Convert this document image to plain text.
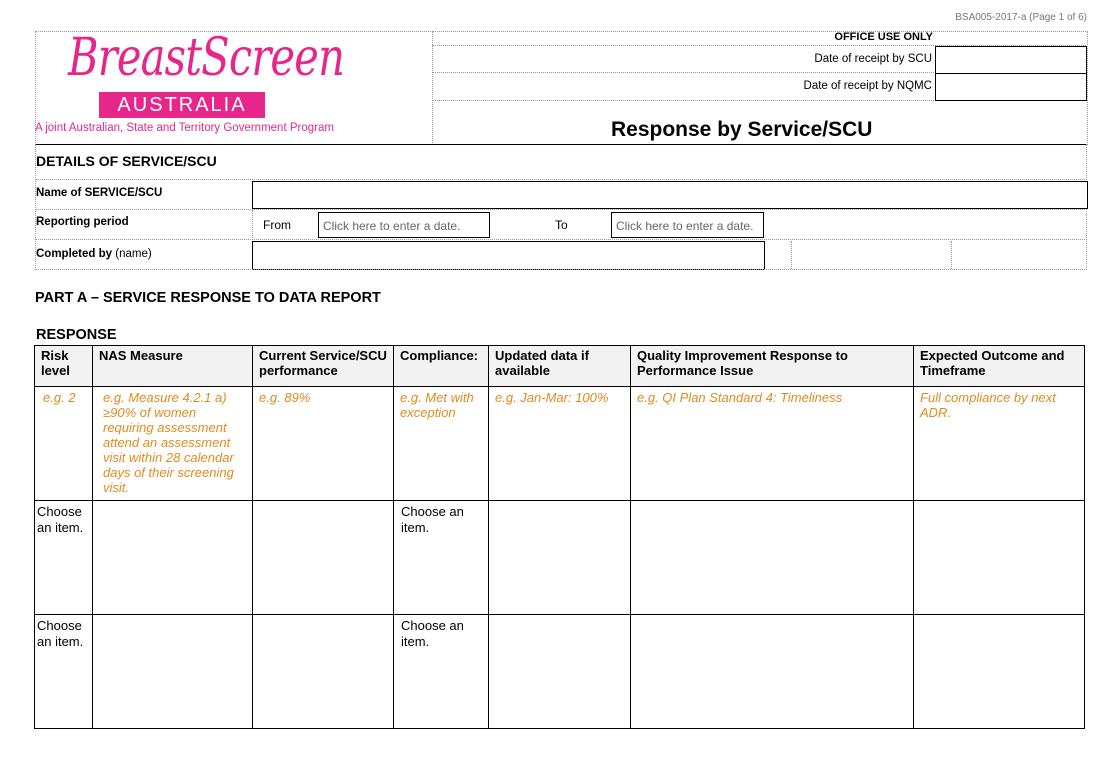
BSA005-2017-a (Page 1 of 6)
BreastScreen
AUSTRALIA
A joint Australian, State and Territory Government Program
OFFICE USE ONLY
Date of receipt by SCU
Date of receipt by NQMC
Response by Service/SCU
DETAILS OF SERVICE/SCU
Name of SERVICE/SCU
Reporting period	From	Click here to enter a date.	To	Click here to enter a date.
Completed by (name)
PART A – SERVICE RESPONSE TO DATA REPORT
RESPONSE
Risk level	NAS Measure	Current Service/SCU performance	Compliance:	Updated data if available	Quality Improvement Response to Performance Issue	Expected Outcome and Timeframe
e.g. 2	e.g. Measure 4.2.1 a) ≥90% of women requiring assessment attend an assessment visit within 28 calendar days of their screening visit.	e.g. 89%	e.g. Met with exception	e.g. Jan-Mar: 100%	e.g. QI Plan Standard 4: Timeliness	Full compliance by next ADR.
Choose an item.			Choose an item.			
Choose an item.			Choose an item.			
